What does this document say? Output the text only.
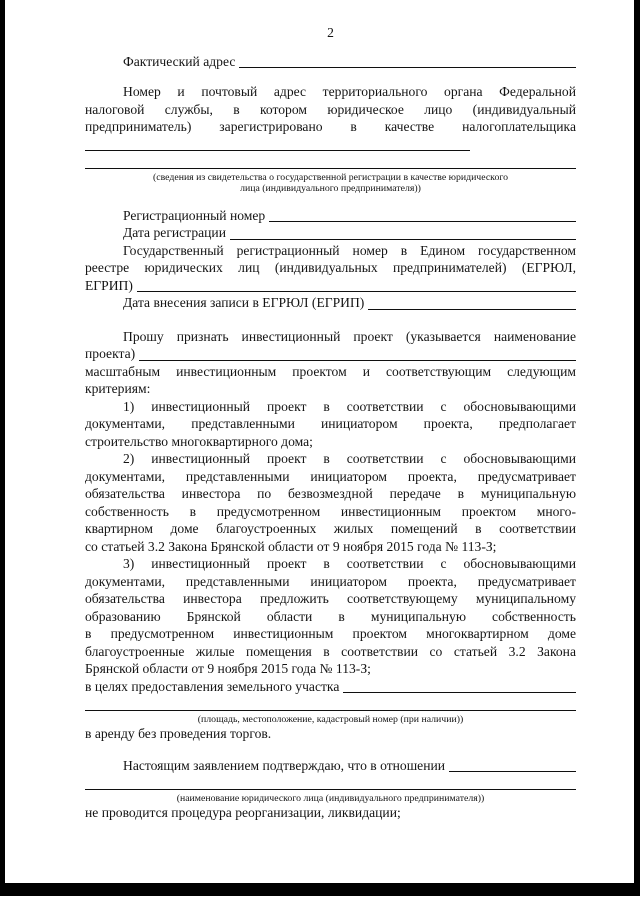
2
Фактический адрес
Номер и почтовый адрес территориального органа Федеральной
налоговой службы, в котором юридическое лицо (индивидуальный
предприниматель) зарегистрировано в качестве налогоплательщика
(сведения из свидетельства о государственной регистрации в качестве юридического лица (индивидуального предпринимателя))
Регистрационный номер
Дата регистрации
Государственный регистрационный номер в Едином государственном
реестре юридических лиц (индивидуальных предпринимателей) (ЕГРЮЛ,
ЕГРИП)
Дата внесения записи в ЕГРЮЛ (ЕГРИП)
Прошу признать инвестиционный проект (указывается наименование
проекта)
масштабным инвестиционным проектом и соответствующим следующим
критериям:
1) инвестиционный проект в соответствии с обосновывающими
документами, представленными инициатором проекта, предполагает
строительство многоквартирного дома;
2) инвестиционный проект в соответствии с обосновывающими
документами, представленными инициатором проекта, предусматривает
обязательства инвестора по безвозмездной передаче в муниципальную
собственность в предусмотренном инвестиционным проектом много-
квартирном доме благоустроенных жилых помещений в соответствии
со статьей 3.2 Закона Брянской области от 9 ноября 2015 года № 113-З;
3) инвестиционный проект в соответствии с обосновывающими
документами, представленными инициатором проекта, предусматривает
обязательства инвестора предложить соответствующему муниципальному
образованию Брянской области в муниципальную собственность
в предусмотренном инвестиционным проектом многоквартирном доме
благоустроенные жилые помещения в соответствии со статьей 3.2 Закона
Брянской области от 9 ноября 2015 года № 113-З;
в целях предоставления земельного участка
(площадь, местоположение, кадастровый номер (при наличии))
в аренду без проведения торгов.
Настоящим заявлением подтверждаю, что в отношении
(наименование юридического лица (индивидуального предпринимателя))
не проводится процедура реорганизации, ликвидации;
